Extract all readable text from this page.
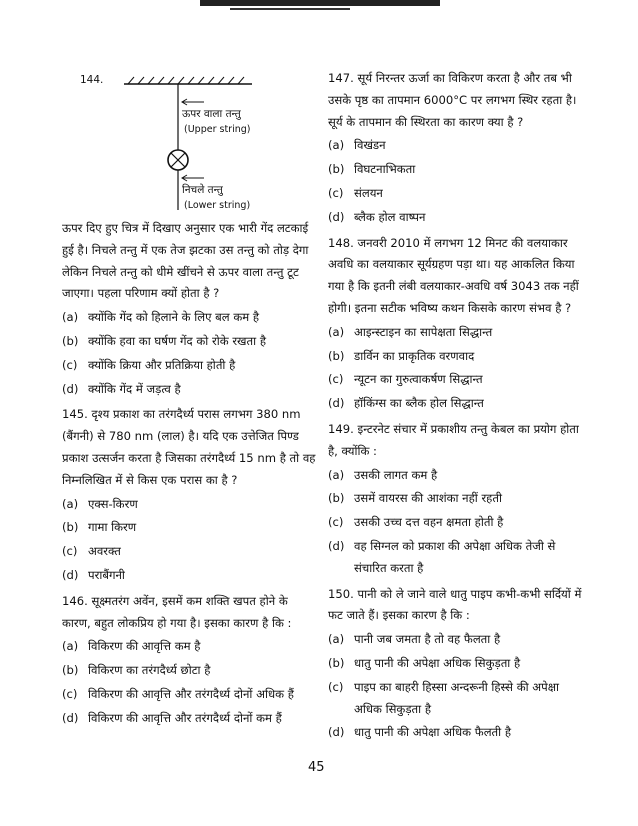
144.
ऊपर वाला तन्तु
(Upper string)
निचले तन्तु
(Lower string)
ऊपर दिए हुए चित्र में दिखाए अनुसार एक भारी गेंद लटकाई हुई है। निचले तन्तु में एक तेज झटका उस तन्तु को तोड़ देगा लेकिन निचले तन्तु को धीमे खींचने से ऊपर वाला तन्तु टूट जाएगा। पहला परिणाम क्यों होता है ?
(a) क्योंकि गेंद को हिलाने के लिए बल कम है
(b) क्योंकि हवा का घर्षण गेंद को रोके रखता है
(c) क्योंकि क्रिया और प्रतिक्रिया होती है
(d) क्योंकि गेंद में जड़त्व है
145. दृश्य प्रकाश का तरंगदैर्ध्य परास लगभग 380 nm (बैंगनी) से 780 nm (लाल) है। यदि एक उत्तेजित पिण्ड प्रकाश उत्सर्जन करता है जिसका तरंगदैर्ध्य 15 nm है तो वह निम्नलिखित में से किस एक परास का है ?
(a) एक्स-किरण
(b) गामा किरण
(c) अवरक्त
(d) पराबैंगनी
146. सूक्ष्मतरंग अवेंन, इसमें कम शक्ति खपत होने के कारण, बहुत लोकप्रिय हो गया है। इसका कारण है कि :
(a) विकिरण की आवृत्ति कम है
(b) विकिरण का तरंगदैर्ध्य छोटा है
(c) विकिरण की आवृत्ति और तरंगदैर्ध्य दोनों अधिक हैं
(d) विकिरण की आवृत्ति और तरंगदैर्ध्य दोनों कम हैं
147. सूर्य निरन्तर ऊर्जा का विकिरण करता है और तब भी उसके पृष्ठ का तापमान 6000°C पर लगभग स्थिर रहता है। सूर्य के तापमान की स्थिरता का कारण क्या है ?
(a) विखंडन
(b) विघटनाभिकता
(c) संलयन
(d) ब्लैक होल वाष्पन
148. जनवरी 2010 में लगभग 12 मिनट की वलयाकार अवधि का वलयाकार सूर्यग्रहण पड़ा था। यह आकलित किया गया है कि इतनी लंबी वलयाकार-अवधि वर्ष 3043 तक नहीं होगी। इतना सटीक भविष्य कथन किसके कारण संभव है ?
(a) आइन्स्टाइन का सापेक्षता सिद्धान्त
(b) डार्विन का प्राकृतिक वरणवाद
(c) न्यूटन का गुरुत्वाकर्षण सिद्धान्त
(d) हॉकिंग्स का ब्लैक होल सिद्धान्त
149. इन्टरनेट संचार में प्रकाशीय तन्तु केबल का प्रयोग होता है, क्योंकि :
(a) उसकी लागत कम है
(b) उसमें वायरस की आशंका नहीं रहती
(c) उसकी उच्च दत्त वहन क्षमता होती है
(d) वह सिग्नल को प्रकाश की अपेक्षा अधिक तेजी से संचारित करता है
150. पानी को ले जाने वाले धातु पाइप कभी-कभी सर्दियों में फट जाते हैं। इसका कारण है कि :
(a) पानी जब जमता है तो वह फैलता है
(b) धातु पानी की अपेक्षा अधिक सिकुड़ता है
(c) पाइप का बाहरी हिस्सा अन्दरूनी हिस्से की अपेक्षा अधिक सिकुड़ता है
(d) धातु पानी की अपेक्षा अधिक फैलती है
45
